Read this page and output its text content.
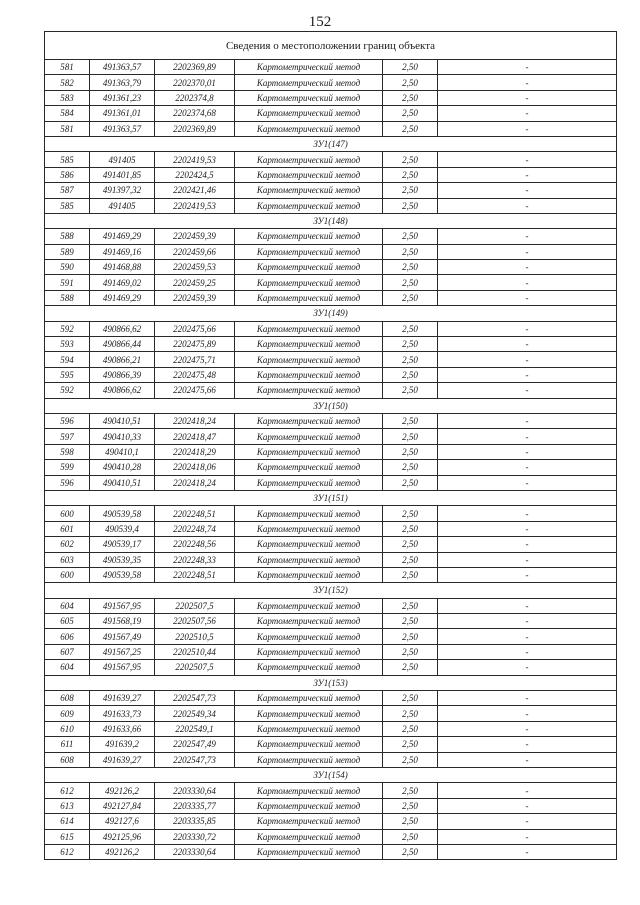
152
Сведения о местоположении границ объекта					
581	491363,57	2202369,89	Картометрический метод	2,50	-
582	491363,79	2202370,01	Картометрический метод	2,50	-
583	491361,23	2202374,8	Картометрический метод	2,50	-
584	491361,01	2202374,68	Картометрический метод	2,50	-
581	491363,57	2202369,89	Картометрический метод	2,50	-
ЗУ1(147)					
585	491405	2202419,53	Картометрический метод	2,50	-
586	491401,85	2202424,5	Картометрический метод	2,50	-
587	491397,32	2202421,46	Картометрический метод	2,50	-
585	491405	2202419,53	Картометрический метод	2,50	-
ЗУ1(148)					
588	491469,29	2202459,39	Картометрический метод	2,50	-
589	491469,16	2202459,66	Картометрический метод	2,50	-
590	491468,88	2202459,53	Картометрический метод	2,50	-
591	491469,02	2202459,25	Картометрический метод	2,50	-
588	491469,29	2202459,39	Картометрический метод	2,50	-
ЗУ1(149)					
592	490866,62	2202475,66	Картометрический метод	2,50	-
593	490866,44	2202475,89	Картометрический метод	2,50	-
594	490866,21	2202475,71	Картометрический метод	2,50	-
595	490866,39	2202475,48	Картометрический метод	2,50	-
592	490866,62	2202475,66	Картометрический метод	2,50	-
ЗУ1(150)					
596	490410,51	2202418,24	Картометрический метод	2,50	-
597	490410,33	2202418,47	Картометрический метод	2,50	-
598	490410,1	2202418,29	Картометрический метод	2,50	-
599	490410,28	2202418,06	Картометрический метод	2,50	-
596	490410,51	2202418,24	Картометрический метод	2,50	-
ЗУ1(151)					
600	490539,58	2202248,51	Картометрический метод	2,50	-
601	490539,4	2202248,74	Картометрический метод	2,50	-
602	490539,17	2202248,56	Картометрический метод	2,50	-
603	490539,35	2202248,33	Картометрический метод	2,50	-
600	490539,58	2202248,51	Картометрический метод	2,50	-
ЗУ1(152)					
604	491567,95	2202507,5	Картометрический метод	2,50	-
605	491568,19	2202507,56	Картометрический метод	2,50	-
606	491567,49	2202510,5	Картометрический метод	2,50	-
607	491567,25	2202510,44	Картометрический метод	2,50	-
604	491567,95	2202507,5	Картометрический метод	2,50	-
ЗУ1(153)					
608	491639,27	2202547,73	Картометрический метод	2,50	-
609	491633,73	2202549,34	Картометрический метод	2,50	-
610	491633,66	2202549,1	Картометрический метод	2,50	-
611	491639,2	2202547,49	Картометрический метод	2,50	-
608	491639,27	2202547,73	Картометрический метод	2,50	-
ЗУ1(154)					
612	492126,2	2203330,64	Картометрический метод	2,50	-
613	492127,84	2203335,77	Картометрический метод	2,50	-
614	492127,6	2203335,85	Картометрический метод	2,50	-
615	492125,96	2203330,72	Картометрический метод	2,50	-
612	492126,2	2203330,64	Картометрический метод	2,50	-
